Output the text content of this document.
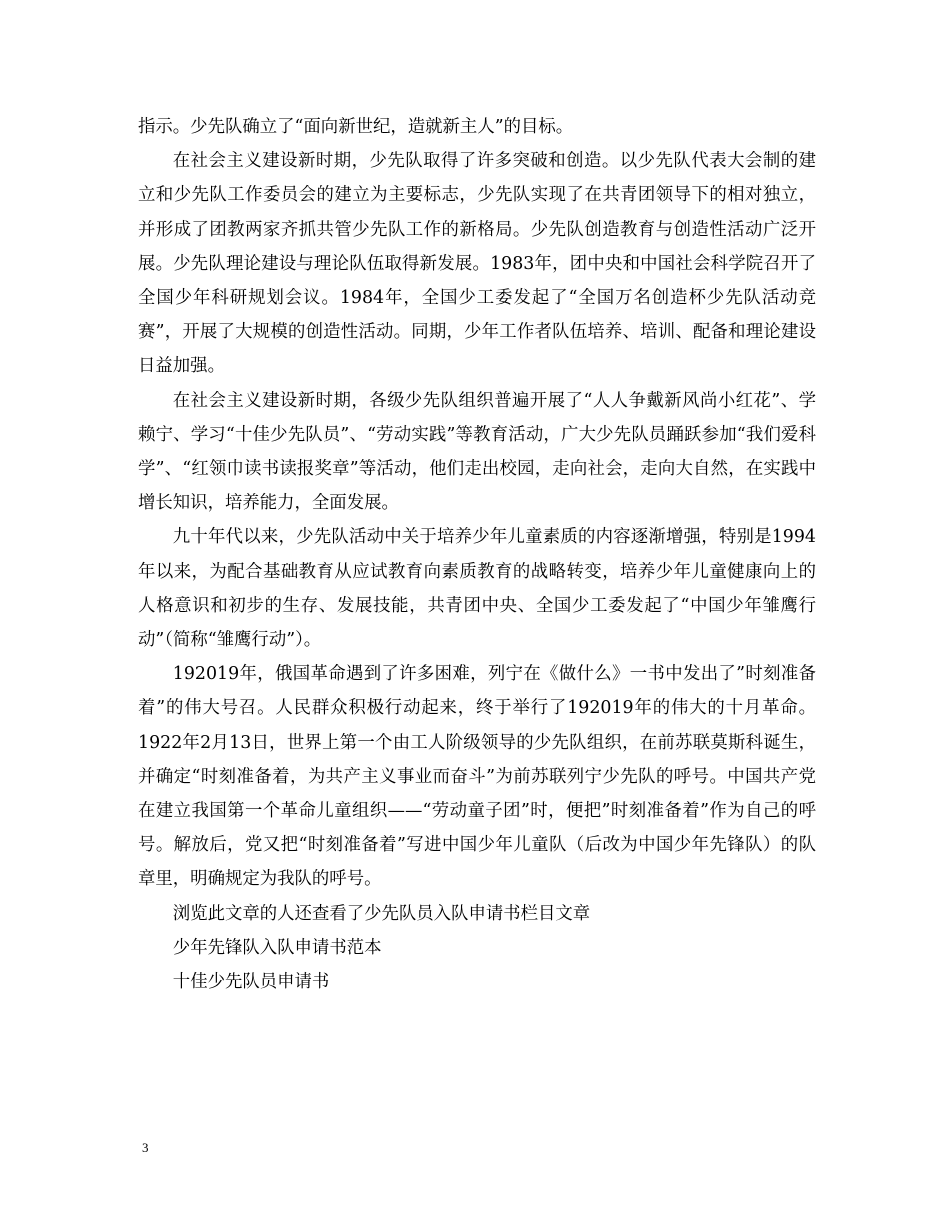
指示。少先队确立了“面向新世纪，造就新主人”的目标。

在社会主义建设新时期，少先队取得了许多突破和创造。以少先队代表大会制的建立和少先队工作委员会的建立为主要标志，少先队实现了在共青团领导下的相对独立，并形成了团教两家齐抓共管少先队工作的新格局。少先队创造教育与创造性活动广泛开展。少先队理论建设与理论队伍取得新发展。1983年，团中央和中国社会科学院召开了全国少年科研规划会议。1984年，全国少工委发起了“全国万名创造杯少先队活动竞赛”，开展了大规模的创造性活动。同期，少年工作者队伍培养、培训、配备和理论建设日益加强。

在社会主义建设新时期，各级少先队组织普遍开展了“人人争戴新风尚小红花”、学赖宁、学习“十佳少先队员”、“劳动实践”等教育活动，广大少先队员踊跃参加“我们爱科学”、“红领巾读书读报奖章”等活动，他们走出校园，走向社会，走向大自然，在实践中增长知识，培养能力，全面发展。

九十年代以来，少先队活动中关于培养少年儿童素质的内容逐渐增强，特别是1994年以来，为配合基础教育从应试教育向素质教育的战略转变，培养少年儿童健康向上的人格意识和初步的生存、发展技能，共青团中央、全国少工委发起了“中国少年雏鹰行动”（简称“雏鹰行动”）。

192019年，俄国革命遇到了许多困难，列宁在《做什么》一书中发出了”时刻准备着”的伟大号召。人民群众积极行动起来，终于举行了192019年的伟大的十月革命。1922年2月13日，世界上第一个由工人阶级领导的少先队组织，在前苏联莫斯科诞生，并确定“时刻准备着，为共产主义事业而奋斗”为前苏联列宁少先队的呼号。中国共产党在建立我国第一个革命儿童组织——“劳动童子团”时，便把”时刻准备着”作为自己的呼号。解放后，党又把“时刻准备着”写进中国少年儿童队（后改为中国少年先锋队）的队章里，明确规定为我队的呼号。

浏览此文章的人还查看了少先队员入队申请书栏目文章

少年先锋队入队申请书范本

十佳少先队员申请书

3
